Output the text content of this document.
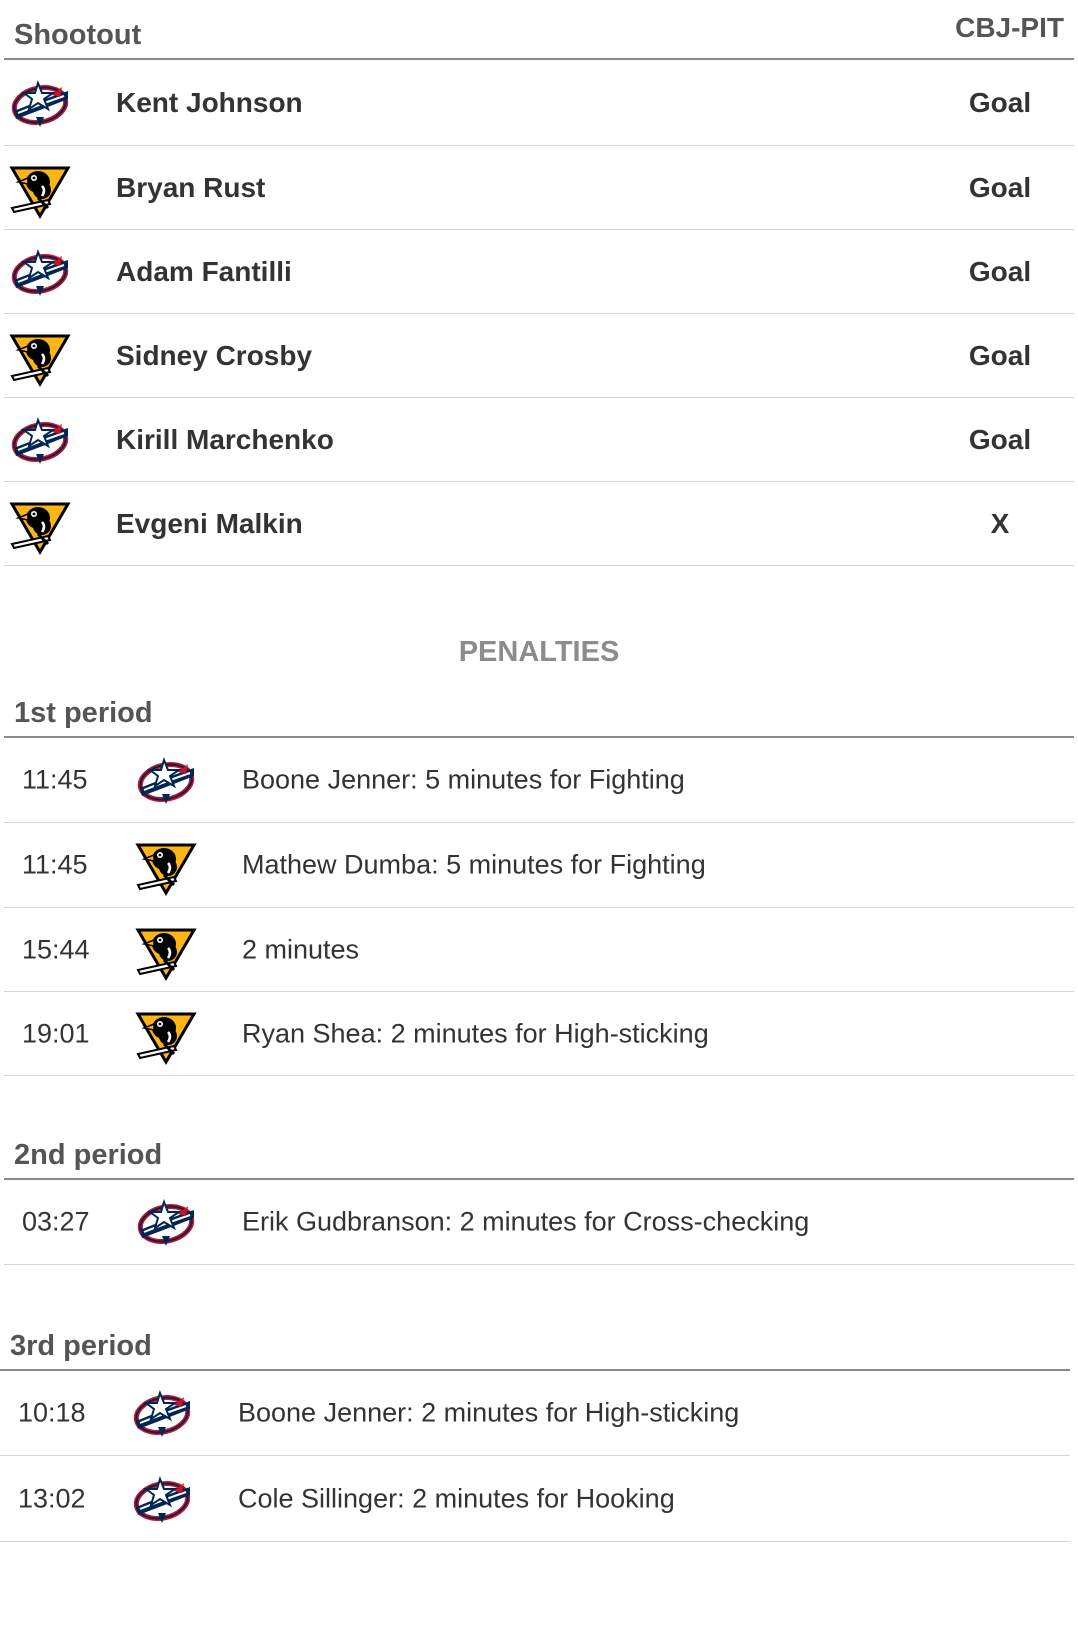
Shootout	CBJ-PIT
Kent Johnson	Goal
Bryan Rust	Goal
Adam Fantilli	Goal
Sidney Crosby	Goal
Kirill Marchenko	Goal
Evgeni Malkin	X
PENALTIES
1st period
11:45	Boone Jenner: 5 minutes for Fighting
11:45	Mathew Dumba: 5 minutes for Fighting
15:44	2 minutes
19:01	Ryan Shea: 2 minutes for High-sticking
2nd period
03:27	Erik Gudbranson: 2 minutes for Cross-checking
3rd period
10:18	Boone Jenner: 2 minutes for High-sticking
13:02	Cole Sillinger: 2 minutes for Hooking
